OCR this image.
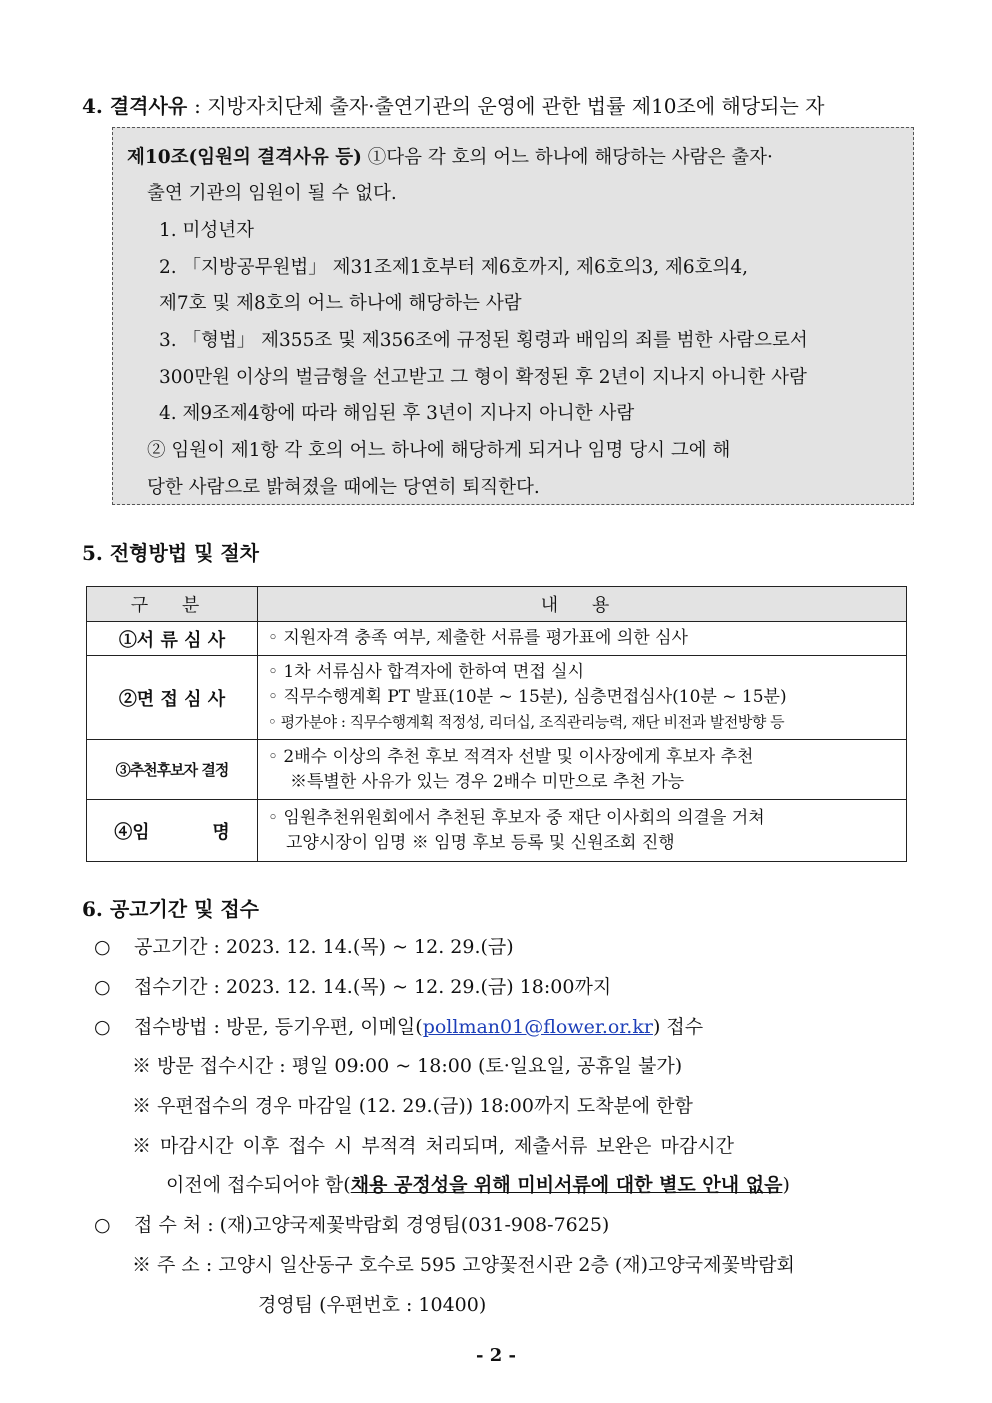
4. 결격사유 : 지방자치단체 출자·출연기관의 운영에 관한 법률 제10조에 해당되는 자
제10조(임원의 결격사유 등) ①다음 각 호의 어느 하나에 해당하는 사람은 출자·
출연 기관의 임원이 될 수 없다.
1. 미성년자
2. 「지방공무원법」 제31조제1호부터 제6호까지, 제6호의3, 제6호의4,
제7호 및 제8호의 어느 하나에 해당하는 사람
3. 「형법」 제355조 및 제356조에 규정된 횡령과 배임의 죄를 범한 사람으로서
300만원 이상의 벌금형을 선고받고 그 형이 확정된 후 2년이 지나지 아니한 사람
4. 제9조제4항에 따라 해임된 후 3년이 지나지 아니한 사람
② 임원이 제1항 각 호의 어느 하나에 해당하게 되거나 임명 당시 그에 해
당한 사람으로 밝혀졌을 때에는 당연히 퇴직한다.
5. 전형방법 및 절차
구 분	내 용
①서 류 심 사	◦ 지원자격 충족 여부, 제출한 서류를 평가표에 의한 심사

②면 접 심 사	◦ 1차 서류심사 합격자에 한하여 면접 실시
◦ 직무수행계획 PT 발표(10분 ~ 15분), 심층면접심사(10분 ~ 15분)
◦ 평가분야 : 직무수행계획 적정성, 리더십, 조직관리능력, 재단 비전과 발전방향 등

③추천후보자 결정	◦ 2배수 이상의 추천 후보 적격자 선발 및 이사장에게 후보자 추천
※특별한 사유가 있는 경우 2배수 미만으로 추천 가능

④임          명	◦ 임원추천위원회에서 추천된 후보자 중 재단 이사회의 의결을 거쳐
고양시장이 임명 ※ 임명 후보 등록 및 신원조회 진행
6. 공고기간 및 접수
○ 공고기간 : 2023. 12. 14.(목) ~ 12. 29.(금)
○ 접수기간 : 2023. 12. 14.(목) ~ 12. 29.(금) 18:00까지
○ 접수방법 : 방문, 등기우편, 이메일(pollman01@flower.or.kr) 접수
※ 방문 접수시간 : 평일 09:00 ~ 18:00 (토·일요일, 공휴일 불가)
※ 우편접수의 경우 마감일 (12. 29.(금)) 18:00까지 도착분에 한함
※ 마감시간 이후 접수 시 부적격 처리되며, 제출서류 보완은 마감시간
이전에 접수되어야 함(채용 공정성을 위해 미비서류에 대한 별도 안내 없음)
○ 접 수 처 : (재)고양국제꽃박람회 경영팀(031-908-7625)
※ 주 소 : 고양시 일산동구 호수로 595 고양꽃전시관 2층 (재)고양국제꽃박람회
경영팀 (우편번호 : 10400)
- 2 -
